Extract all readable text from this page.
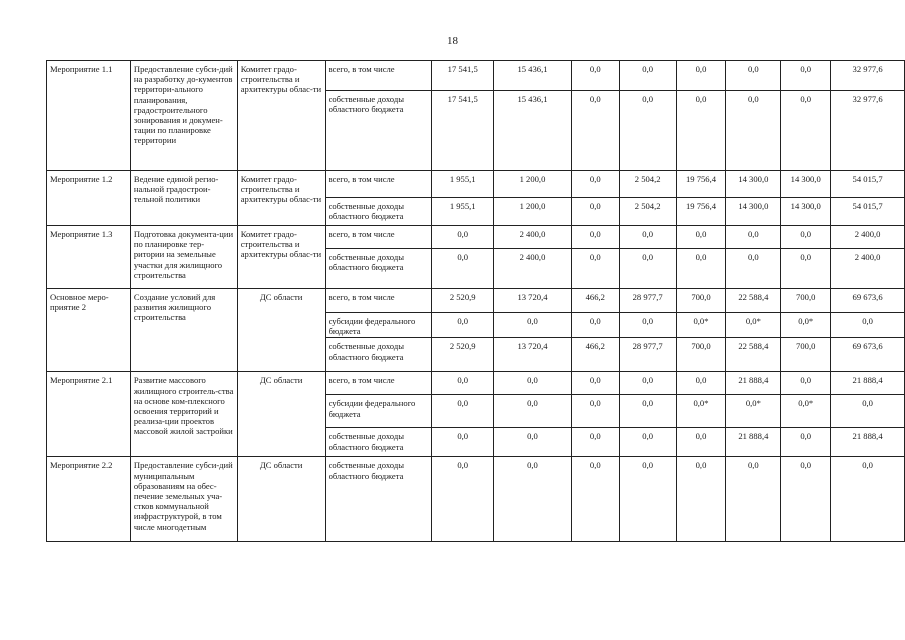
18
Мероприятие 1.1	Предоставление субси-дий на разработку до-кументов территори-ального планирования, градостроительного зонирования и докумен-тации по планировке территории	Комитет градо-строительства и архитектуры облас-ти	всего, в том числе	17 541,5	15 436,1	0,0	0,0	0,0	0,0	0,0	32 977,6
			собственные доходы областного бюджета	17 541,5	15 436,1	0,0	0,0	0,0	0,0	0,0	32 977,6
Мероприятие 1.2	Ведение единой регио-нальной градострои-тельной политики	Комитет градо-строительства и архитектуры облас-ти	всего, в том числе	1 955,1	1 200,0	0,0	2 504,2	19 756,4	14 300,0	14 300,0	54 015,7
			собственные доходы областного бюджета	1 955,1	1 200,0	0,0	2 504,2	19 756,4	14 300,0	14 300,0	54 015,7
Мероприятие 1.3	Подготовка документа-ции по планировке тер-ритории на земельные участки для жилищного строительства	Комитет градо-строительства и архитектуры облас-ти	всего, в том числе	0,0	2 400,0	0,0	0,0	0,0	0,0	0,0	2 400,0
			собственные доходы областного бюджета	0,0	2 400,0	0,0	0,0	0,0	0,0	0,0	2 400,0
Основное меро-приятие 2	Создание условий для развития жилищного строительства	ДС области	всего, в том числе	2 520,9	13 720,4	466,2	28 977,7	700,0	22 588,4	700,0	69 673,6
			субсидии федерального бюджета	0,0	0,0	0,0	0,0	0,0*	0,0*	0,0*	0,0
			собственные доходы областного бюджета	2 520,9	13 720,4	466,2	28 977,7	700,0	22 588,4	700,0	69 673,6
Мероприятие 2.1	Развитие массового жилищного строитель-ства на основе ком-плексного освоения территорий и реализа-ции проектов массовой жилой застройки	ДС области	всего, в том числе	0,0	0,0	0,0	0,0	0,0	21 888,4	0,0	21 888,4
			субсидии федерального бюджета	0,0	0,0	0,0	0,0	0,0*	0,0*	0,0*	0,0
			собственные доходы областного бюджета	0,0	0,0	0,0	0,0	0,0	21 888,4	0,0	21 888,4
Мероприятие 2.2	Предоставление субси-дий муниципальным образованиям на обес-печение земельных уча-стков коммунальной инфраструктурой, в том числе многодетным	ДС области	собственные доходы областного бюджета	0,0	0,0	0,0	0,0	0,0	0,0	0,0	0,0
